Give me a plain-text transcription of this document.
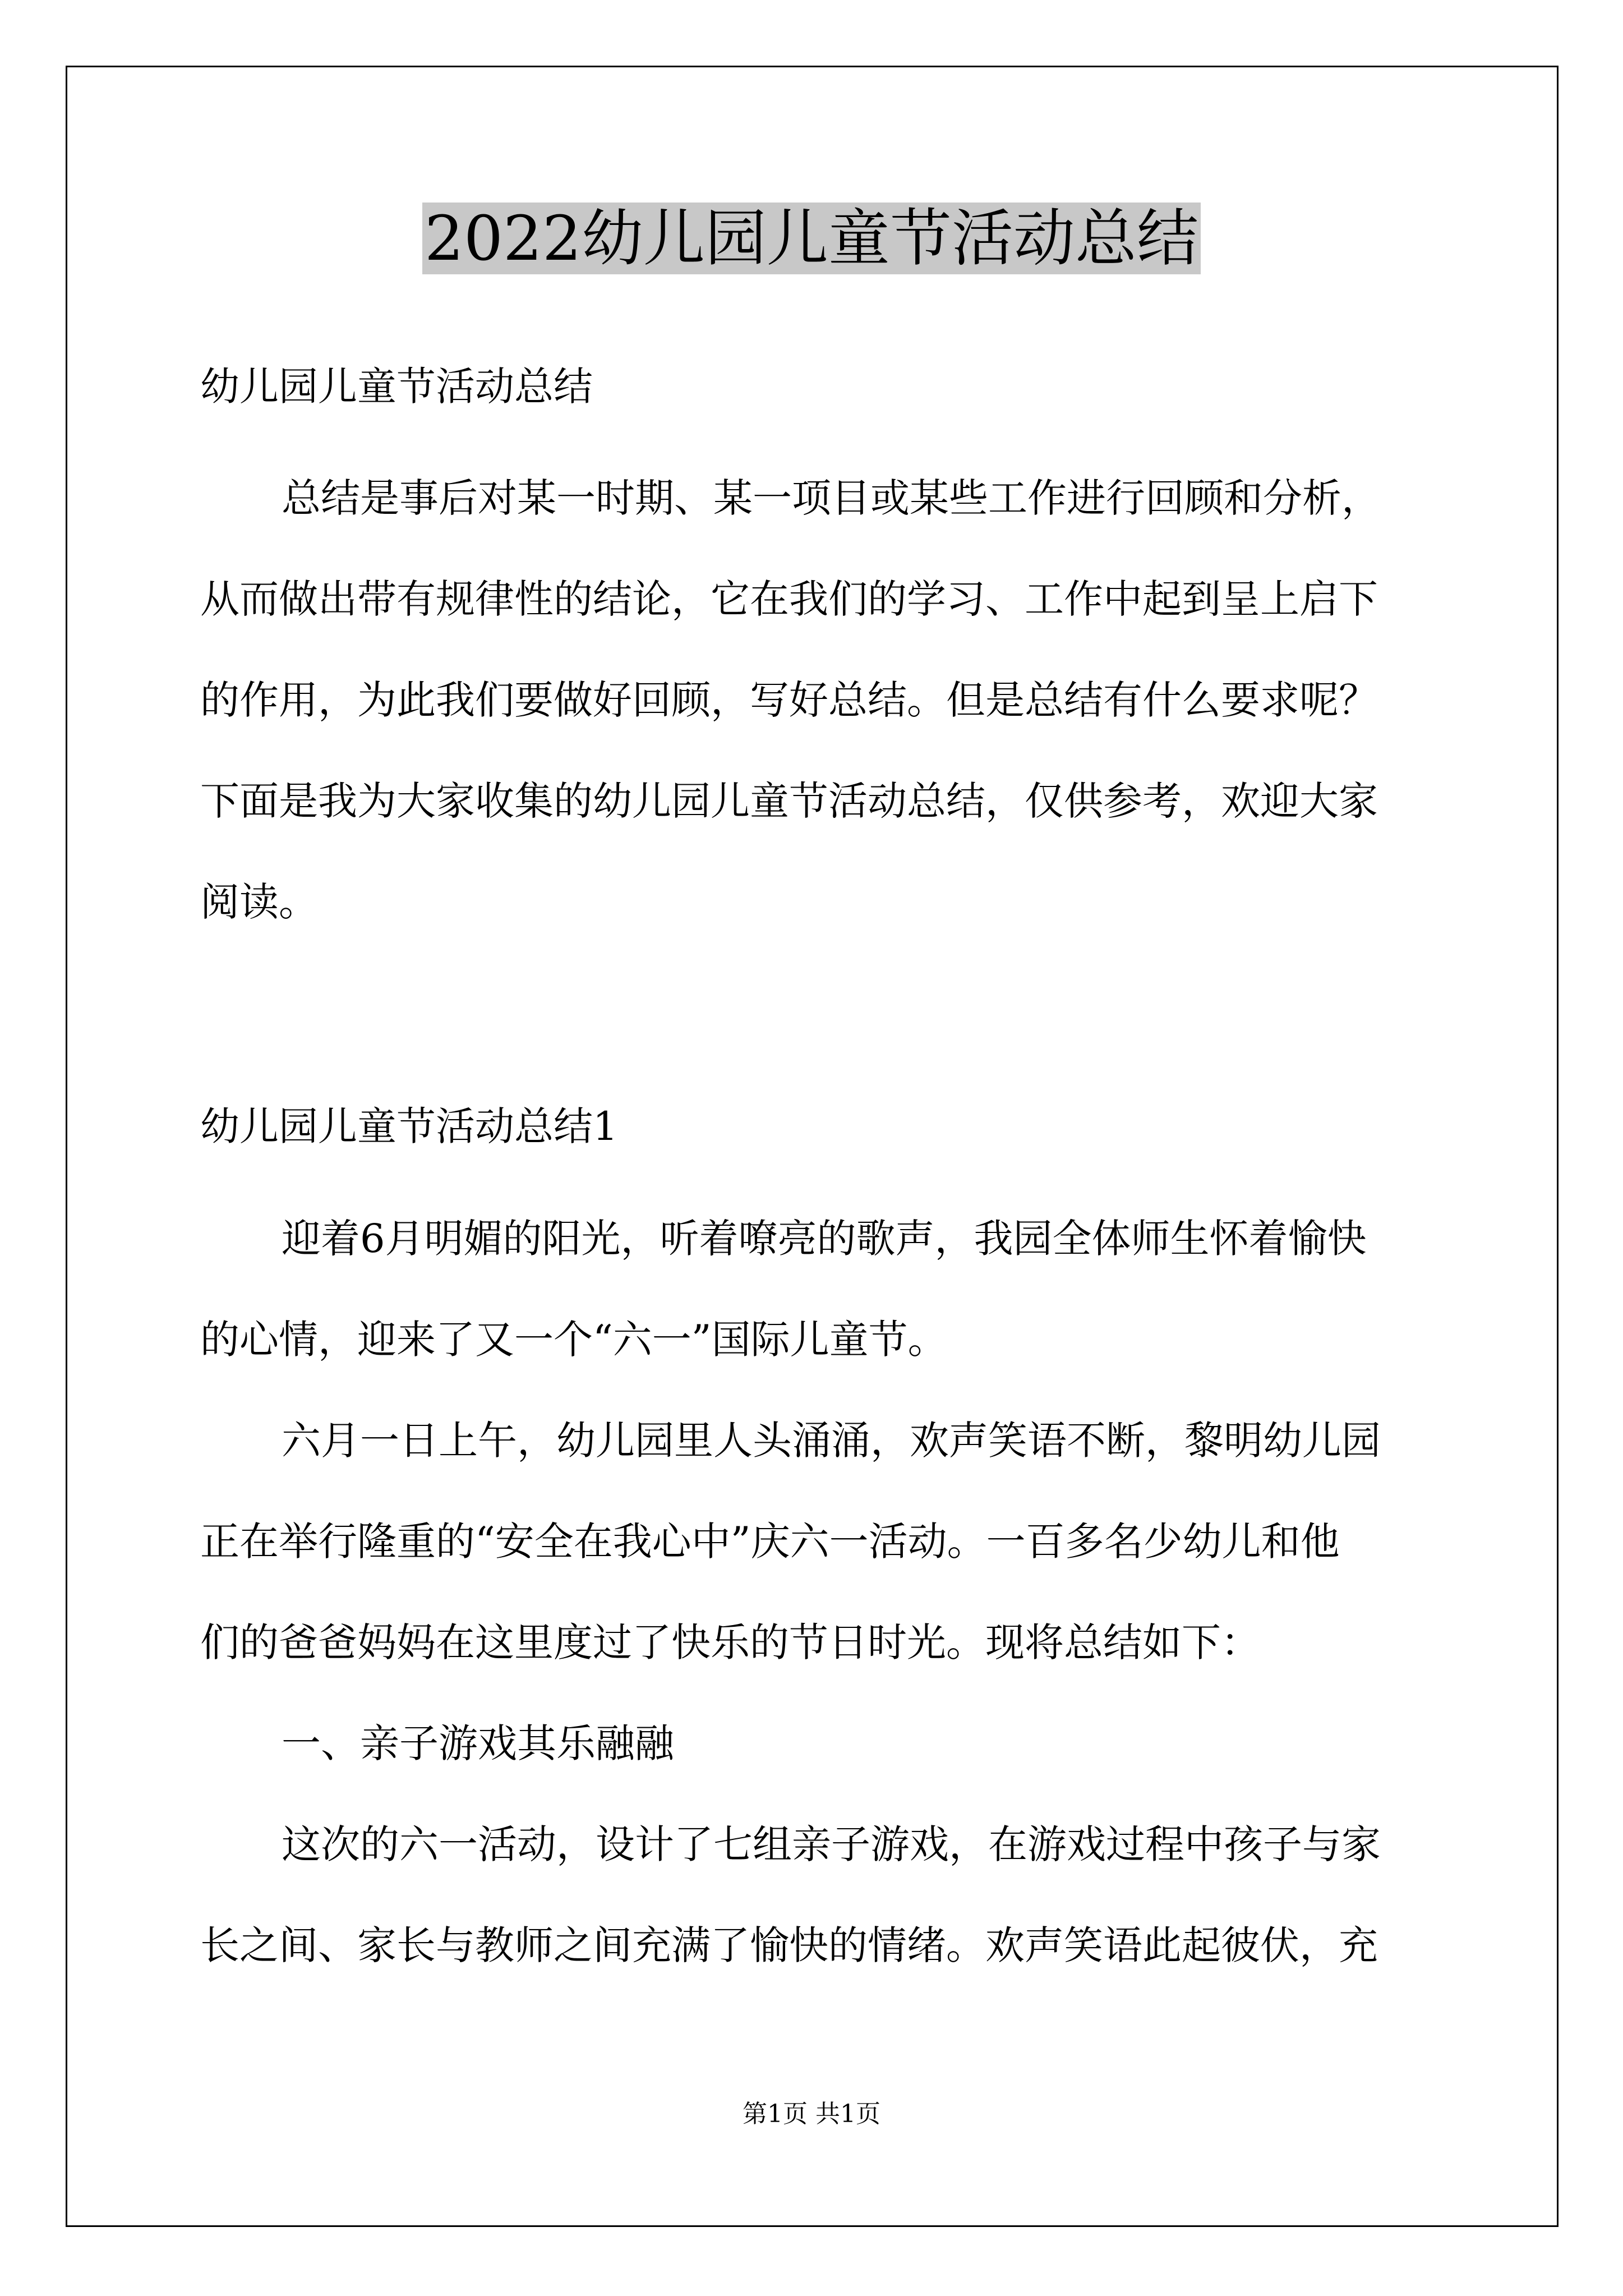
2022幼儿园儿童节活动总结
幼儿园儿童节活动总结
总结是事后对某一时期、某一项目或某些工作进行回顾和分析，
从而做出带有规律性的结论，它在我们的学习、工作中起到呈上启下
的作用，为此我们要做好回顾，写好总结。但是总结有什么要求呢？
下面是我为大家收集的幼儿园儿童节活动总结，仅供参考，欢迎大家
阅读。
幼儿园儿童节活动总结1
迎着6月明媚的阳光，听着嘹亮的歌声，我园全体师生怀着愉快
的心情，迎来了又一个“六一”国际儿童节。
六月一日上午，幼儿园里人头涌涌，欢声笑语不断，黎明幼儿园
正在举行隆重的“安全在我心中”庆六一活动。一百多名少幼儿和他
们的爸爸妈妈在这里度过了快乐的节日时光。现将总结如下：
一、亲子游戏其乐融融
这次的六一活动，设计了七组亲子游戏，在游戏过程中孩子与家
长之间、家长与教师之间充满了愉快的情绪。欢声笑语此起彼伏，充
第1页 共1页
